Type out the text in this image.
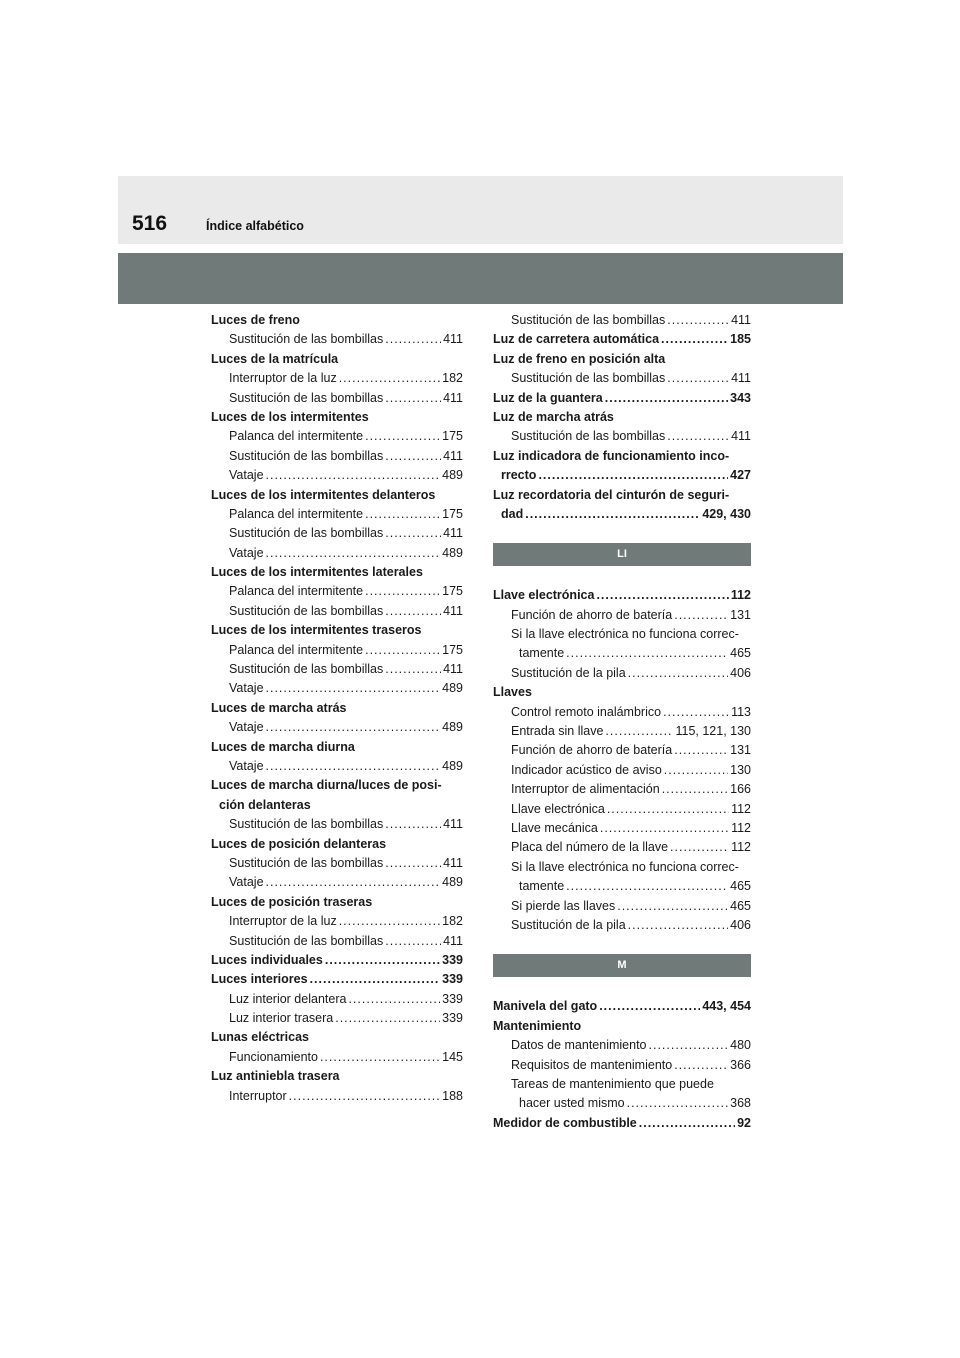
516	Índice alfabético
Luces de freno
Sustitución de las bombillas .....	411
Luces de la matrícula
Interruptor de la luz .....	182
Sustitución de las bombillas .....	411
Luces de los intermitentes
Palanca del intermitente .....	175
Sustitución de las bombillas .....	411
Vataje .....	489
Luces de los intermitentes delanteros
Palanca del intermitente .....	175
Sustitución de las bombillas .....	411
Vataje .....	489
Luces de los intermitentes laterales
Palanca del intermitente .....	175
Sustitución de las bombillas .....	411
Luces de los intermitentes traseros
Palanca del intermitente .....	175
Sustitución de las bombillas .....	411
Vataje .....	489
Luces de marcha atrás
Vataje .....	489
Luces de marcha diurna
Vataje .....	489
Luces de marcha diurna/luces de posi-
ción delanteras
Sustitución de las bombillas .....	411
Luces de posición delanteras
Sustitución de las bombillas .....	411
Vataje .....	489
Luces de posición traseras
Interruptor de la luz .....	182
Sustitución de las bombillas .....	411
Luces individuales .....	339
Luces interiores .....	339
Luz interior delantera .....	339
Luz interior trasera .....	339
Lunas eléctricas
Funcionamiento .....	145
Luz antiniebla trasera
Interruptor .....	188
Sustitución de las bombillas .....	411
Luz de carretera automática .....	185
Luz de freno en posición alta
Sustitución de las bombillas .....	411
Luz de la guantera .....	343
Luz de marcha atrás
Sustitución de las bombillas .....	411
Luz indicadora de funcionamiento inco-
rrecto .....	427
Luz recordatoria del cinturón de seguri-
dad .....	429, 430
LI
Llave electrónica .....	112
Función de ahorro de batería .....	131
Si la llave electrónica no funciona correc-
tamente .....	465
Sustitución de la pila .....	406
Llaves
Control remoto inalámbrico .....	113
Entrada sin llave .....	115, 121, 130
Función de ahorro de batería .....	131
Indicador acústico de aviso .....	130
Interruptor de alimentación .....	166
Llave electrónica .....	112
Llave mecánica .....	112
Placa del número de la llave .....	112
Si la llave electrónica no funciona correc-
tamente .....	465
Si pierde las llaves .....	465
Sustitución de la pila .....	406
M
Manivela del gato .....	443, 454
Mantenimiento
Datos de mantenimiento .....	480
Requisitos de mantenimiento .....	366
Tareas de mantenimiento que puede
hacer usted mismo .....	368
Medidor de combustible .....	92
